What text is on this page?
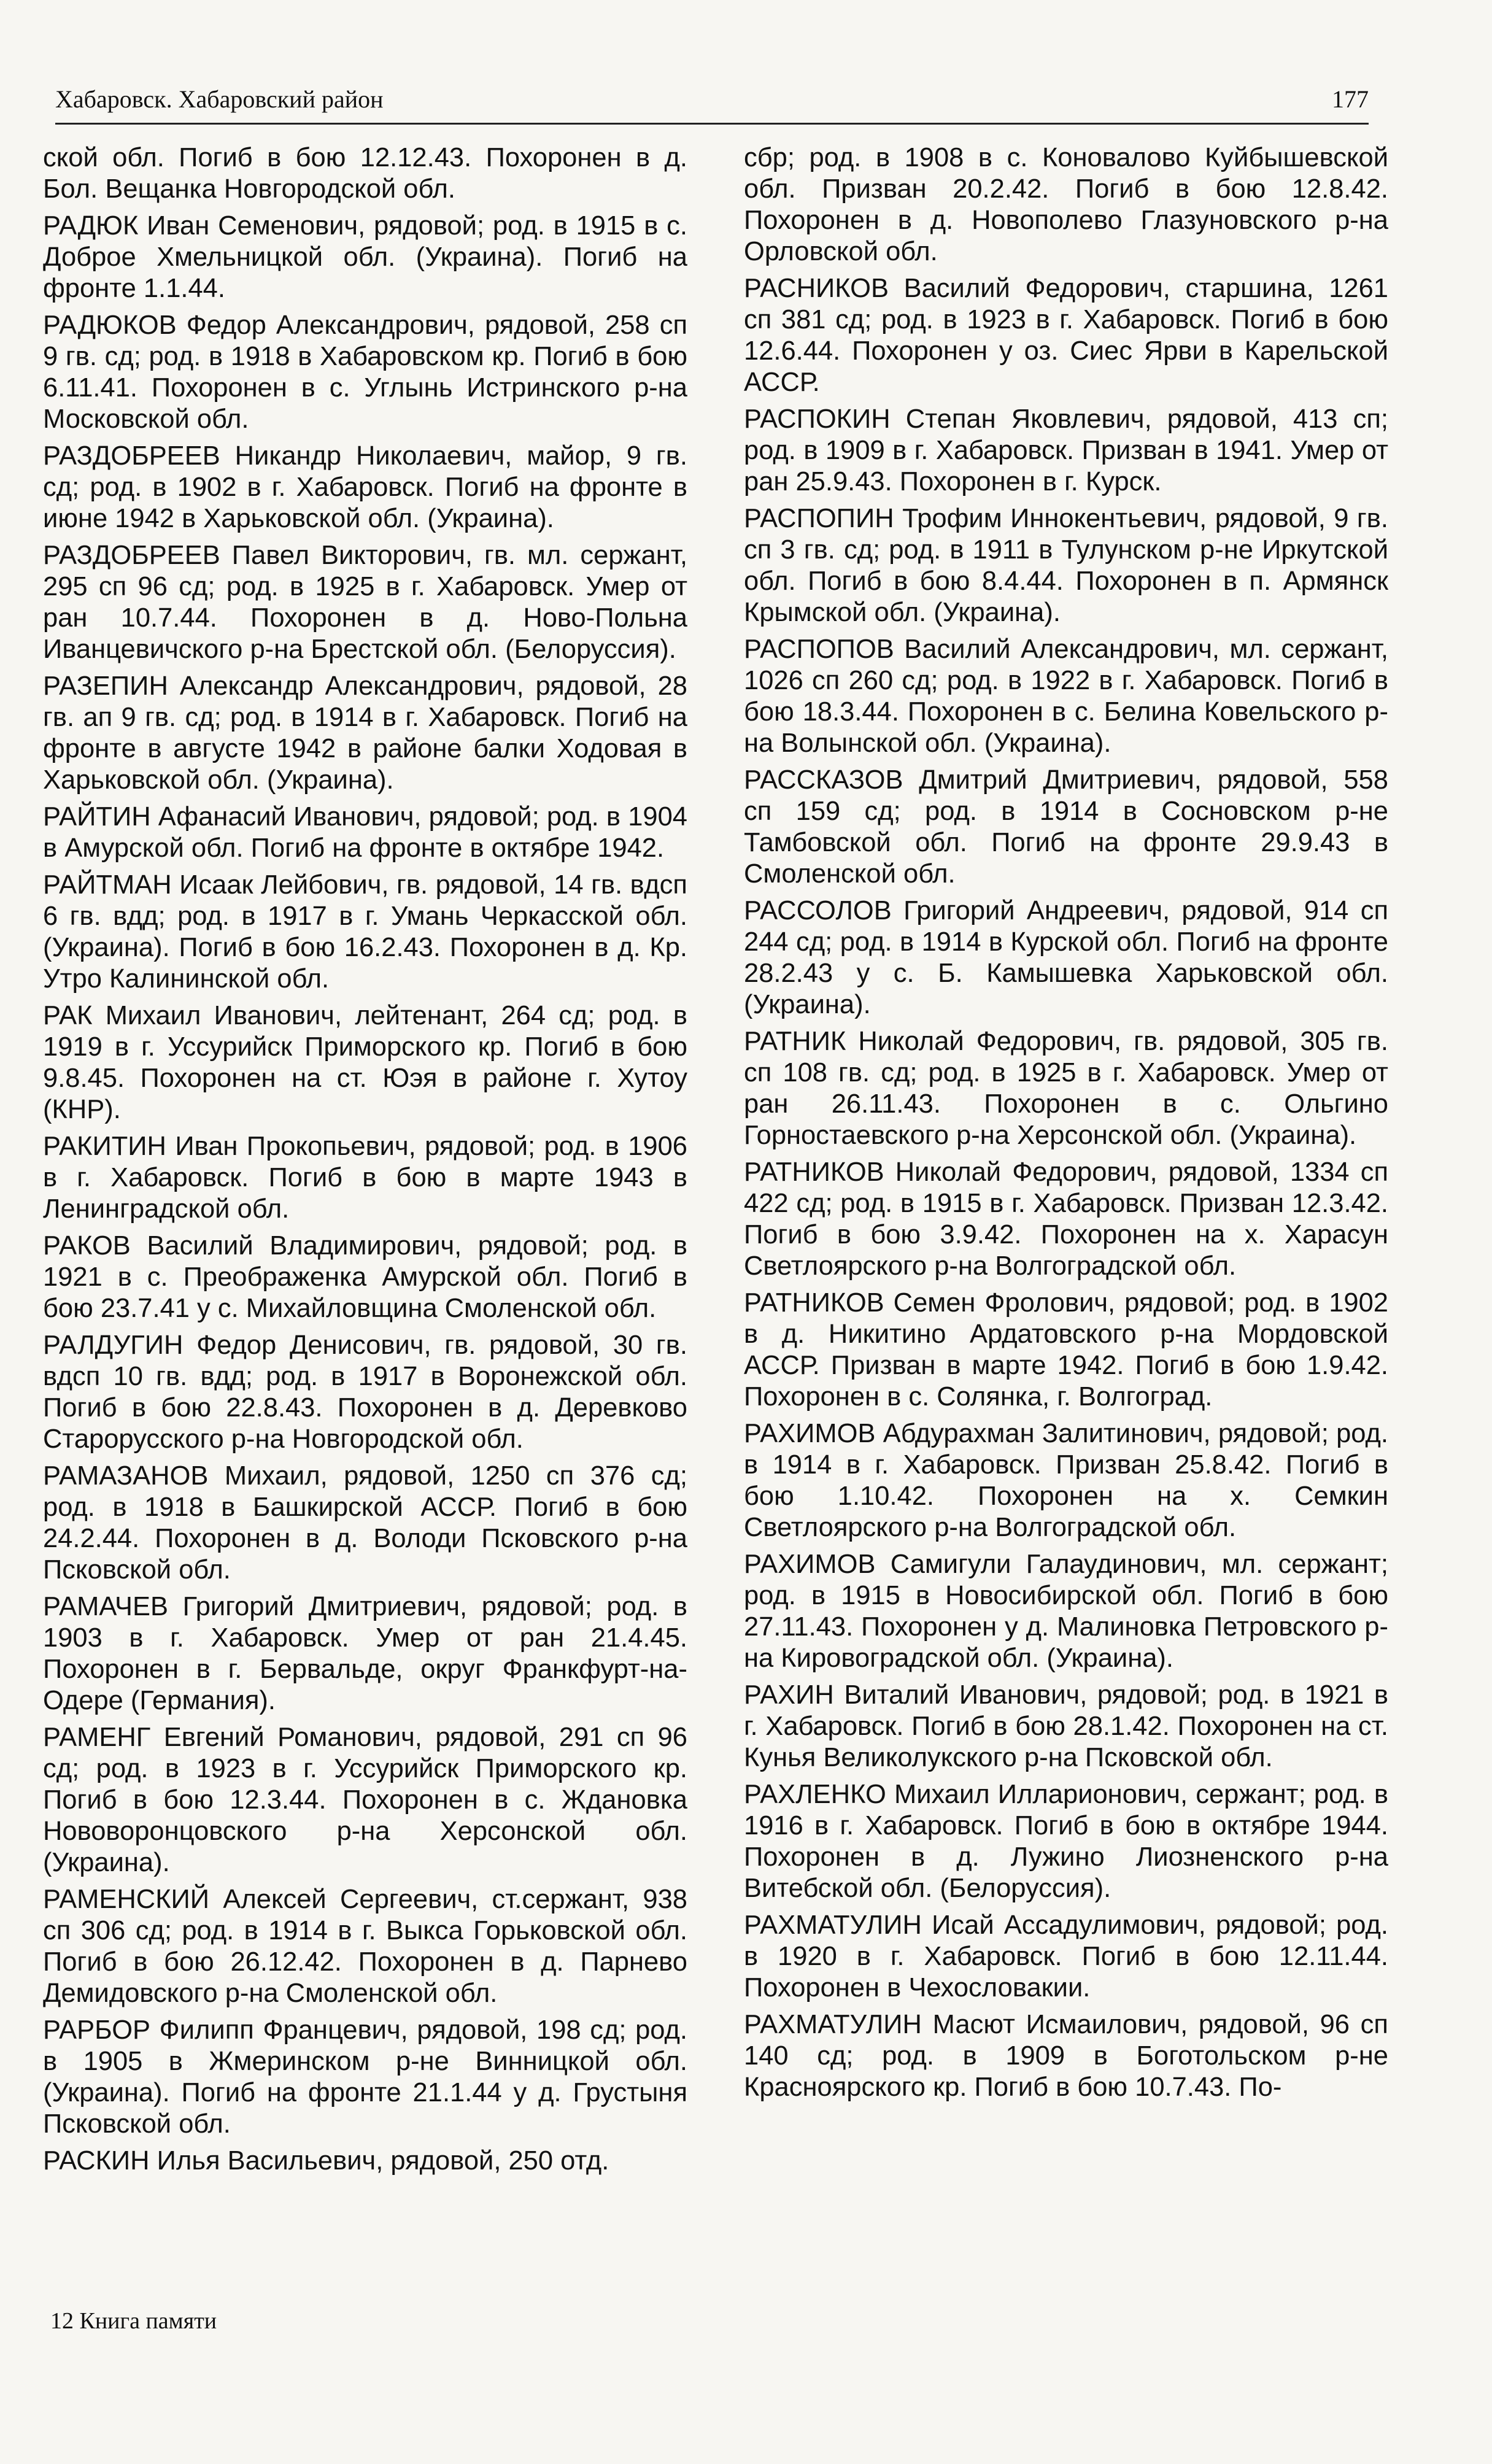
Хабаровск. Хабаровский район	177

ской обл. Погиб в бою 12.12.43. Похоронен в д. Бол. Вещанка Новгородской обл.

РАДЮК Иван Семенович, рядовой; род. в 1915 в с. Доброе Хмельницкой обл. (Украина). Погиб на фронте 1.1.44.

РАДЮКОВ Федор Александрович, рядовой, 258 сп 9 гв. сд; род. в 1918 в Хабаровском кр. Погиб в бою 6.11.41. Похоронен в с. Углынь Истринского р-на Московской обл.

РАЗДОБРЕЕВ Никандр Николаевич, майор, 9 гв. сд; род. в 1902 в г. Хабаровск. Погиб на фронте в июне 1942 в Харьковской обл. (Украина).

РАЗДОБРЕЕВ Павел Викторович, гв. мл. сержант, 295 сп 96 сд; род. в 1925 в г. Хабаровск. Умер от ран 10.7.44. Похоронен в д. Ново-Польна Иванцевичского р-на Брестской обл. (Белоруссия).

РАЗЕПИН Александр Александрович, рядовой, 28 гв. ап 9 гв. сд; род. в 1914 в г. Хабаровск. Погиб на фронте в августе 1942 в районе балки Ходовая в Харьковской обл. (Украина).

РАЙТИН Афанасий Иванович, рядовой; род. в 1904 в Амурской обл. Погиб на фронте в октябре 1942.

РАЙТМАН Исаак Лейбович, гв. рядовой, 14 гв. вдсп 6 гв. вдд; род. в 1917 в г. Умань Черкасской обл. (Украина). Погиб в бою 16.2.43. Похоронен в д. Кр. Утро Калининской обл.

РАК Михаил Иванович, лейтенант, 264 сд; род. в 1919 в г. Уссурийск Приморского кр. Погиб в бою 9.8.45. Похоронен на ст. Юэя в районе г. Хутоу (КНР).

РАКИТИН Иван Прокопьевич, рядовой; род. в 1906 в г. Хабаровск. Погиб в бою в марте 1943 в Ленинградской обл.

РАКОВ Василий Владимирович, рядовой; род. в 1921 в с. Преображенка Амурской обл. Погиб в бою 23.7.41 у с. Михайловщина Смоленской обл.

РАЛДУГИН Федор Денисович, гв. рядовой, 30 гв. вдсп 10 гв. вдд; род. в 1917 в Воронежской обл. Погиб в бою 22.8.43. Похоронен в д. Деревково Старорусского р-на Новгородской обл.

РАМАЗАНОВ Михаил, рядовой, 1250 сп 376 сд; род. в 1918 в Башкирской АССР. Погиб в бою 24.2.44. Похоронен в д. Володи Псковского р-на Псковской обл.

РАМАЧЕВ Григорий Дмитриевич, рядовой; род. в 1903 в г. Хабаровск. Умер от ран 21.4.45. Похоронен в г. Бервальде, округ Франкфурт-на-Одере (Германия).

РАМЕНГ Евгений Романович, рядовой, 291 сп 96 сд; род. в 1923 в г. Уссурийск Приморского кр. Погиб в бою 12.3.44. Похоронен в с. Ждановка Нововоронцовского р-на Херсонской обл. (Украина).

РАМЕНСКИЙ Алексей Сергеевич, ст.сержант, 938 сп 306 сд; род. в 1914 в г. Выкса Горьковской обл. Погиб в бою 26.12.42. Похоронен в д. Парнево Демидовского р-на Смоленской обл.

РАРБОР Филипп Францевич, рядовой, 198 сд; род. в 1905 в Жмеринском р-не Винницкой обл. (Украина). Погиб на фронте 21.1.44 у д. Грустыня Псковской обл.

РАСКИН Илья Васильевич, рядовой, 250 отд.

сбр; род. в 1908 в с. Коновалово Куйбышевской обл. Призван 20.2.42. Погиб в бою 12.8.42. Похоронен в д. Новополево Глазуновского р-на Орловской обл.

РАСНИКОВ Василий Федорович, старшина, 1261 сп 381 сд; род. в 1923 в г. Хабаровск. Погиб в бою 12.6.44. Похоронен у оз. Сиес Ярви в Карельской АССР.

РАСПОКИН Степан Яковлевич, рядовой, 413 сп; род. в 1909 в г. Хабаровск. Призван в 1941. Умер от ран 25.9.43. Похоронен в г. Курск.

РАСПОПИН Трофим Иннокентьевич, рядовой, 9 гв. сп 3 гв. сд; род. в 1911 в Тулунском р-не Иркутской обл. Погиб в бою 8.4.44. Похоронен в п. Армянск Крымской обл. (Украина).

РАСПОПОВ Василий Александрович, мл. сержант, 1026 сп 260 сд; род. в 1922 в г. Хабаровск. Погиб в бою 18.3.44. Похоронен в с. Белина Ковельского р-на Волынской обл. (Украина).

РАССКАЗОВ Дмитрий Дмитриевич, рядовой, 558 сп 159 сд; род. в 1914 в Сосновском р-не Тамбовской обл. Погиб на фронте 29.9.43 в Смоленской обл.

РАССОЛОВ Григорий Андреевич, рядовой, 914 сп 244 сд; род. в 1914 в Курской обл. Погиб на фронте 28.2.43 у с. Б. Камышевка Харьковской обл. (Украина).

РАТНИК Николай Федорович, гв. рядовой, 305 гв. сп 108 гв. сд; род. в 1925 в г. Хабаровск. Умер от ран 26.11.43. Похоронен в с. Ольгино Горностаевского р-на Херсонской обл. (Украина).

РАТНИКОВ Николай Федорович, рядовой, 1334 сп 422 сд; род. в 1915 в г. Хабаровск. Призван 12.3.42. Погиб в бою 3.9.42. Похоронен на х. Харасун Светлоярского р-на Волгоградской обл.

РАТНИКОВ Семен Фролович, рядовой; род. в 1902 в д. Никитино Ардатовского р-на Мордовской АССР. Призван в марте 1942. Погиб в бою 1.9.42. Похоронен в с. Солянка, г. Волгоград.

РАХИМОВ Абдурахман Залитинович, рядовой; род. в 1914 в г. Хабаровск. Призван 25.8.42. Погиб в бою 1.10.42. Похоронен на х. Семкин Светлоярского р-на Волгоградской обл.

РАХИМОВ Самигули Галаудинович, мл. сержант; род. в 1915 в Новосибирской обл. Погиб в бою 27.11.43. Похоронен у д. Малиновка Петровского р-на Кировоградской обл. (Украина).

РАХИН Виталий Иванович, рядовой; род. в 1921 в г. Хабаровск. Погиб в бою 28.1.42. Похоронен на ст. Кунья Великолукского р-на Псковской обл.

РАХЛЕНКО Михаил Илларионович, сержант; род. в 1916 в г. Хабаровск. Погиб в бою в октябре 1944. Похоронен в д. Лужино Лиозненского р-на Витебской обл. (Белоруссия).

РАХМАТУЛИН Исай Ассадулимович, рядовой; род. в 1920 в г. Хабаровск. Погиб в бою 12.11.44. Похоронен в Чехословакии.

РАХМАТУЛИН Масют Исмаилович, рядовой, 96 сп 140 сд; род. в 1909 в Боготольском р-не Красноярского кр. Погиб в бою 10.7.43. По-

12 Книга памяти
